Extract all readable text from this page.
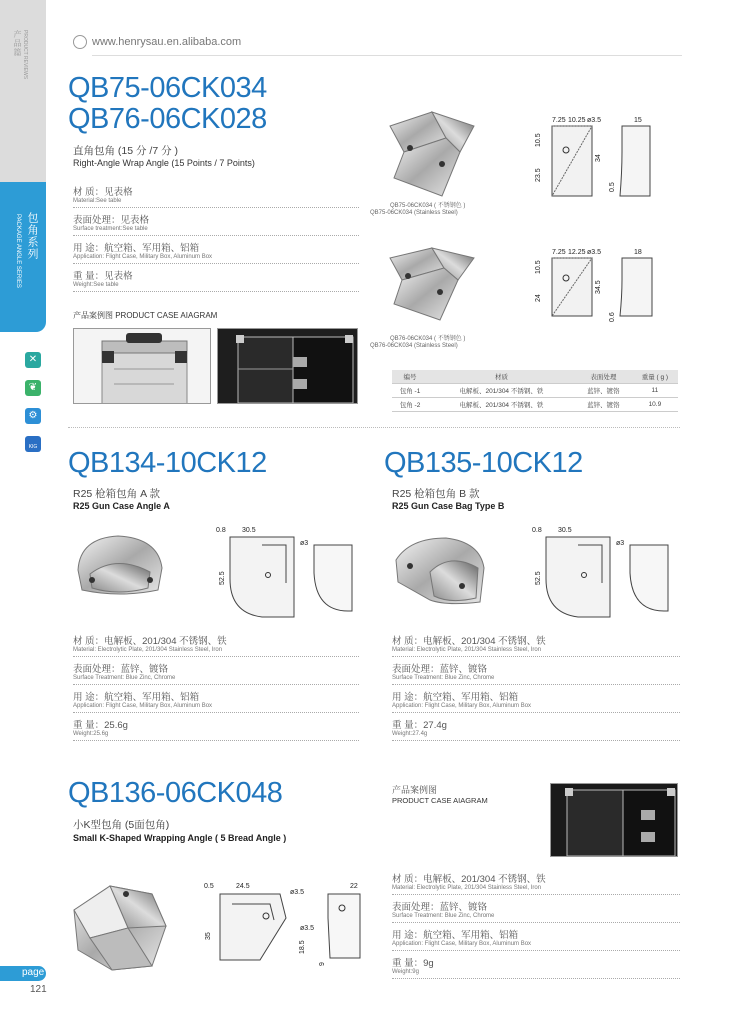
产品篇 PRODUCT REVIEWS
包角系列
PACKAGE ANGLE SERIES
✕
❦
⚙
KIG
page
121
www.henrysau.en.alibaba.com
QB75-06CK034
QB76-06CK028
直角包角 (15 分 /7 分 )
Right-Angle Wrap Angle (15 Points / 7 Points)
材 质：见表格
Material:See table
表面处理：见表格
Surface treatment:See table
用 途：航空箱、军用箱、铝箱
Application: Flight Case, Military Box, Aluminum Box
重 量：见表格
Weight:See table
产品案例图 PRODUCT CASE AIAGRAM
QB75-06CK034 ( 不锈钢色 )
QB75-06CK034 (Stainless Steel)
7.25 10.25 ø3.5
10.5
23.5
34
15
0.5
QB76-06CK034 ( 不锈钢色 )
QB76-06CK034 (Stainless Steel)
7.25 12.25 ø3.5
10.5
24
34.5
18
0.6
编号	材质	表面处理	重量 ( g )
包角 -1	电解板、201/304 不锈钢、铁	蓝锌、镀铬	11
包角 -2	电解板、201/304 不锈钢、铁	蓝锌、镀铬	10.9
QB134-10CK12
R25 枪箱包角 A 款
R25 Gun Case Angle A
0.8 30.5
ø3
52.5
材 质：电解板、201/304 不锈钢、铁
Material: Electrolytic Plate, 201/304 Stainless Steel, Iron
表面处理：蓝锌、镀铬
Surface Treatment: Blue Zinc, Chrome
用 途：航空箱、军用箱、铝箱
Application: Flight Case, Military Box, Aluminum Box
重 量：25.6g
Weight:25.6g
QB135-10CK12
R25 枪箱包角 B 款
R25 Gun Case Bag Type B
0.8 30.5
ø3
52.5
材 质：电解板、201/304 不锈钢、铁
Material: Electrolytic Plate, 201/304 Stainless Steel, Iron
表面处理：蓝锌、镀铬
Surface Treatment: Blue Zinc, Chrome
用 途：航空箱、军用箱、铝箱
Application: Flight Case, Military Box, Aluminum Box
重 量：27.4g
Weight:27.4g
QB136-06CK048
小K型包角 (5面包角)
Small K-Shaped Wrapping Angle ( 5 Bread Angle )
产品案例图
PRODUCT CASE AIAGRAM
0.5	24.5
ø3.5
22
35
ø3.5
18.5
9
材 质：电解板、201/304 不锈钢、铁
Material: Electrolytic Plate, 201/304 Stainless Steel, Iron
表面处理：蓝锌、镀铬
Surface Treatment: Blue Zinc, Chrome
用 途：航空箱、军用箱、铝箱
Application: Flight Case, Military Box, Aluminum Box
重 量：9g
Weight:9g
